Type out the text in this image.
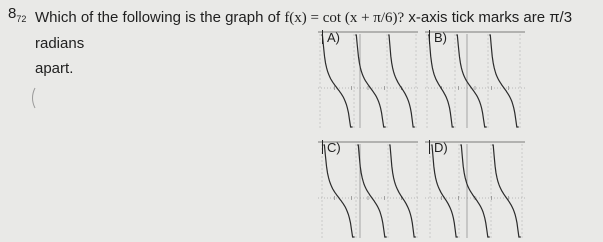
$8_{72}$ Which of the following is the graph of f(x) = cot (x + π/6)? x-axis tick marks are π/3 radians
apart.
A)	B)
C)	D)
